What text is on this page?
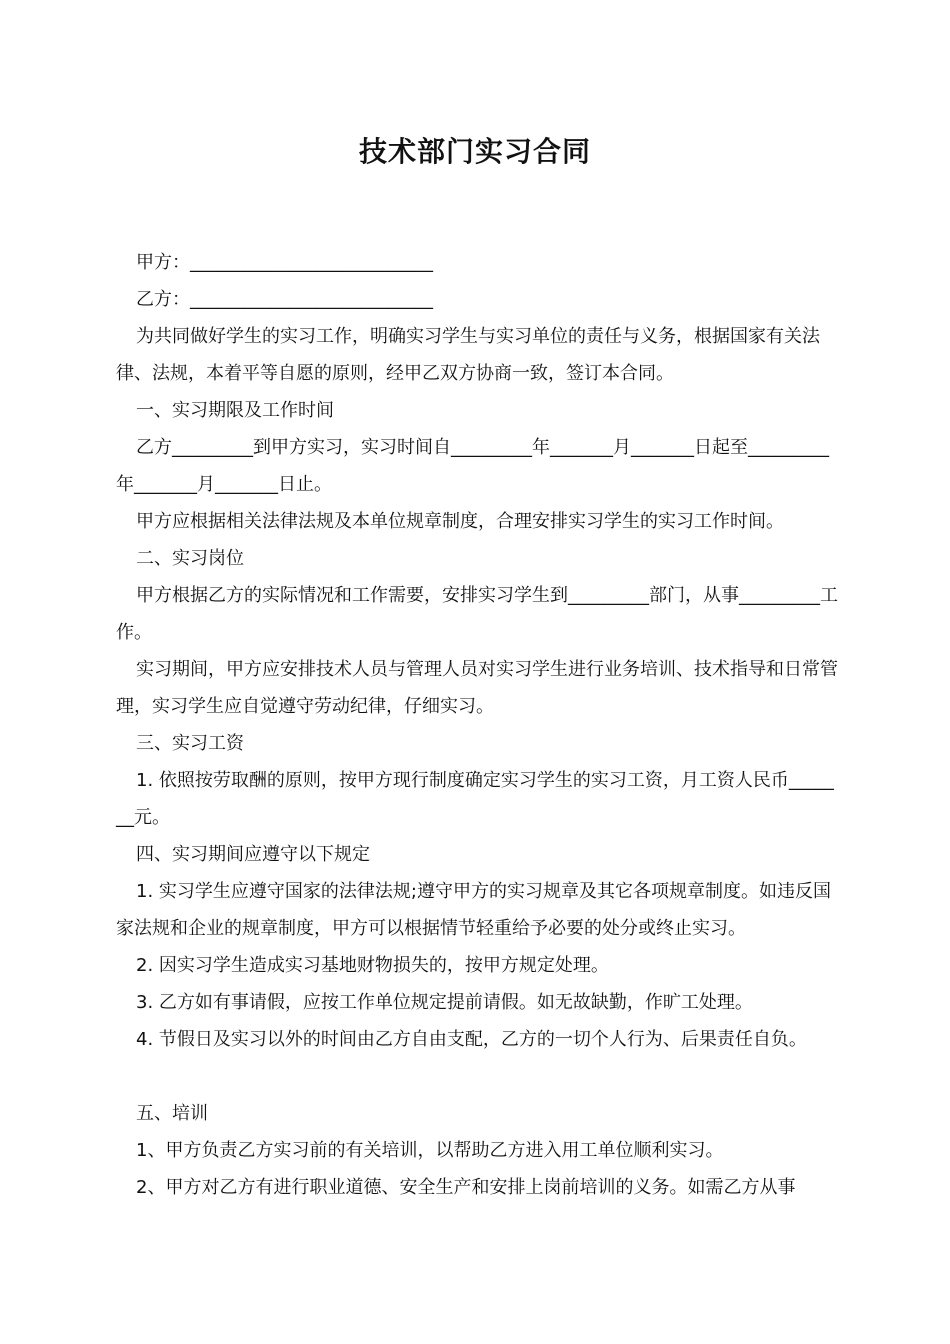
技术部门实习合同

甲方：___________________________

乙方：___________________________

为共同做好学生的实习工作，明确实习学生与实习单位的责任与义务，根据国家有关法律、法规，本着平等自愿的原则，经甲乙双方协商一致，签订本合同。

一、实习期限及工作时间

乙方_________到甲方实习，实习时间自_________年_______月_______日起至_________年_______月_______日止。

甲方应根据相关法律法规及本单位规章制度，合理安排实习学生的实习工作时间。

二、实习岗位

甲方根据乙方的实际情况和工作需要，安排实习学生到_________部门，从事_________工作。

实习期间，甲方应安排技术人员与管理人员对实习学生进行业务培训、技术指导和日常管理，实习学生应自觉遵守劳动纪律，仔细实习。

三、实习工资

1. 依照按劳取酬的原则，按甲方现行制度确定实习学生的实习工资，月工资人民币_______元。

四、实习期间应遵守以下规定

1. 实习学生应遵守国家的法律法规;遵守甲方的实习规章及其它各项规章制度。如违反国家法规和企业的规章制度，甲方可以根据情节轻重给予必要的处分或终止实习。

2. 因实习学生造成实习基地财物损失的，按甲方规定处理。

3. 乙方如有事请假，应按工作单位规定提前请假。如无故缺勤，作旷工处理。

4. 节假日及实习以外的时间由乙方自由支配，乙方的一切个人行为、后果责任自负。

五、培训

1、甲方负责乙方实习前的有关培训，以帮助乙方进入用工单位顺利实习。

2、甲方对乙方有进行职业道德、安全生产和安排上岗前培训的义务。如需乙方从事
